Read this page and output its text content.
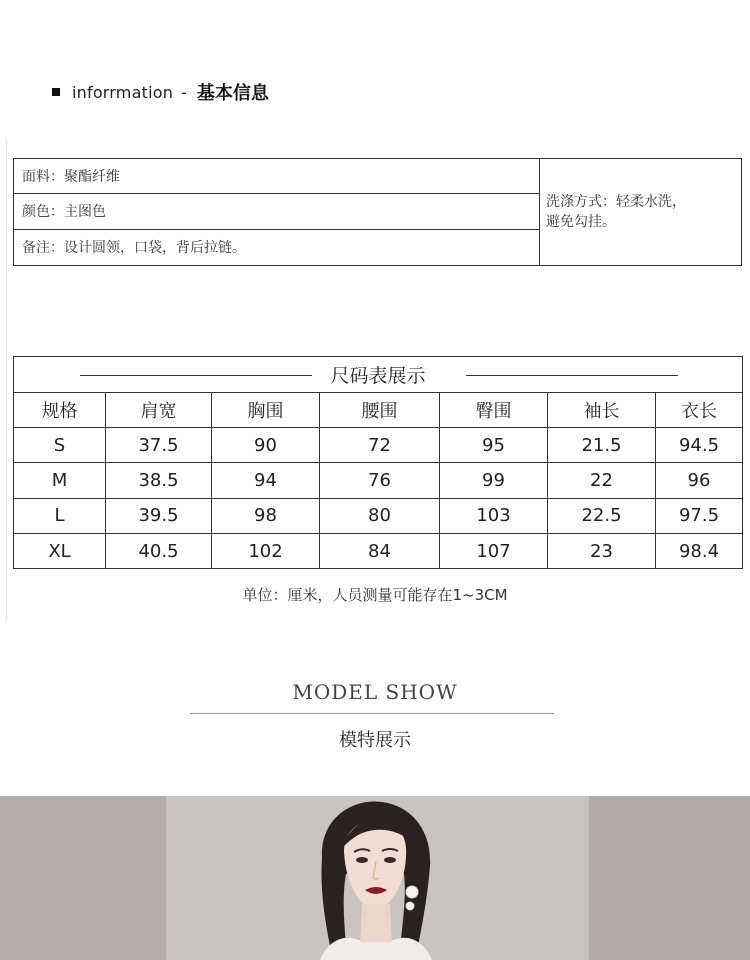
inforrmation - 基本信息
面料：聚酯纤维
颜色：主图色
备注：设计圆领，口袋，背后拉链。
洗涤方式：轻柔水洗，
避免勾挂。
尺码表展示
规格	肩宽	胸围	腰围	臀围	袖长	衣长
S	37.5	90	72	95	21.5	94.5
M	38.5	94	76	99	22	96
L	39.5	98	80	103	22.5	97.5
XL	40.5	102	84	107	23	98.4
单位：厘米，人员测量可能存在1~3CM
MODEL SHOW
模特展示
